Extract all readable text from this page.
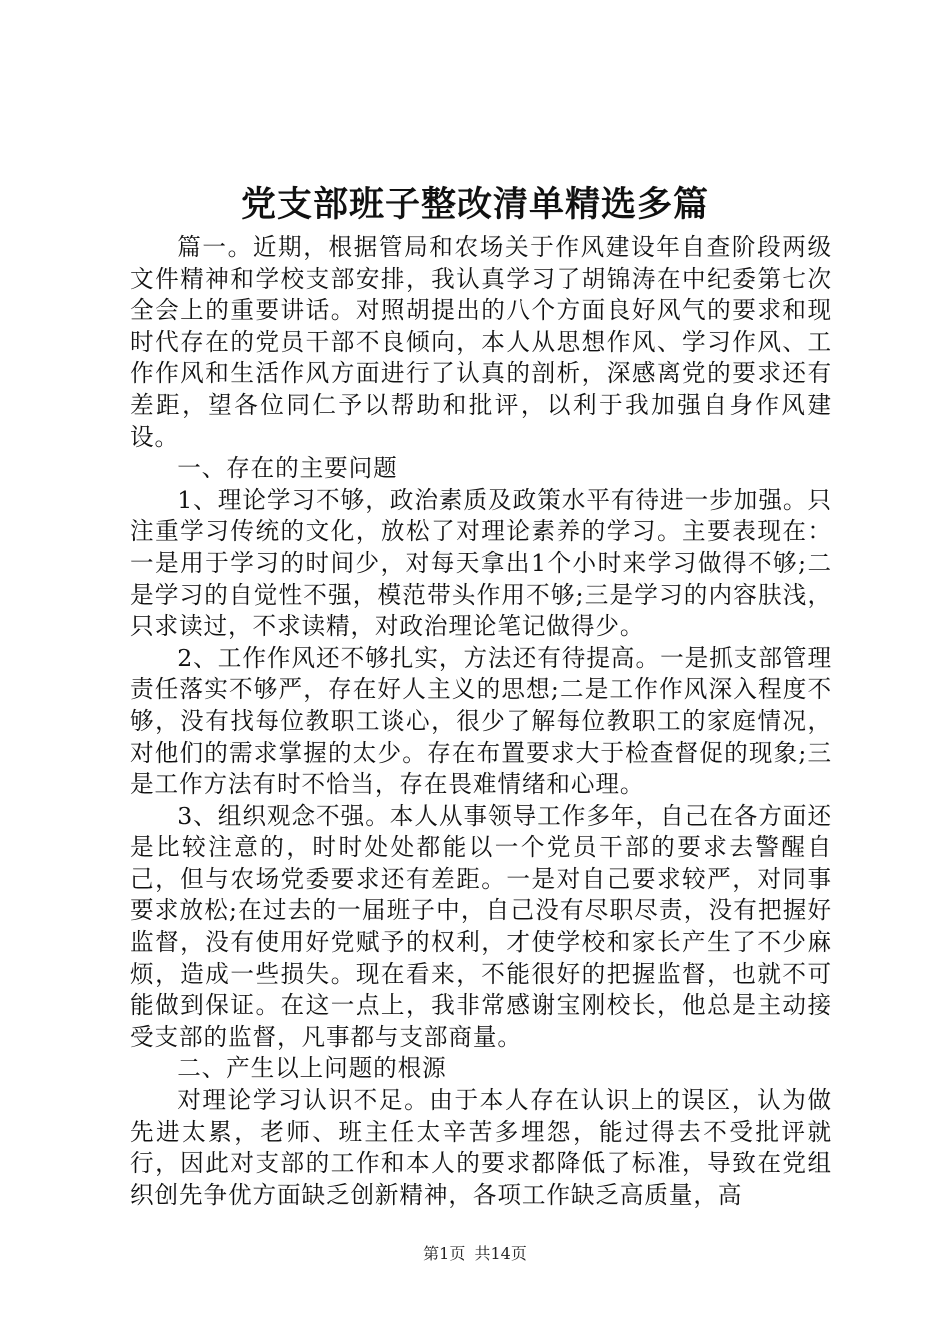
党支部班子整改清单精选多篇

篇一。近期，根据管局和农场关于作风建设年自查阶段两级文件精神和学校支部安排，我认真学习了胡锦涛在中纪委第七次全会上的重要讲话。对照胡提出的八个方面良好风气的要求和现时代存在的党员干部不良倾向，本人从思想作风、学习作风、工作作风和生活作风方面进行了认真的剖析，深感离党的要求还有差距，望各位同仁予以帮助和批评，以利于我加强自身作风建设。

一、存在的主要问题

1、理论学习不够，政治素质及政策水平有待进一步加强。只注重学习传统的文化，放松了对理论素养的学习。主要表现在：一是用于学习的时间少，对每天拿出1个小时来学习做得不够;二是学习的自觉性不强，模范带头作用不够;三是学习的内容肤浅，只求读过，不求读精，对政治理论笔记做得少。

2、工作作风还不够扎实，方法还有待提高。一是抓支部管理责任落实不够严，存在好人主义的思想;二是工作作风深入程度不够，没有找每位教职工谈心，很少了解每位教职工的家庭情况，对他们的需求掌握的太少。存在布置要求大于检查督促的现象;三是工作方法有时不恰当，存在畏难情绪和心理。

3、组织观念不强。本人从事领导工作多年，自己在各方面还是比较注意的，时时处处都能以一个党员干部的要求去警醒自己，但与农场党委要求还有差距。一是对自己要求较严，对同事要求放松;在过去的一届班子中，自己没有尽职尽责，没有把握好监督，没有使用好党赋予的权利，才使学校和家长产生了不少麻烦，造成一些损失。现在看来，不能很好的把握监督，也就不可能做到保证。在这一点上，我非常感谢宝刚校长，他总是主动接受支部的监督，凡事都与支部商量。

二、产生以上问题的根源

对理论学习认识不足。由于本人存在认识上的误区，认为做先进太累，老师、班主任太辛苦多埋怨，能过得去不受批评就行，因此对支部的工作和本人的要求都降低了标准，导致在党组织创先争优方面缺乏创新精神，各项工作缺乏高质量，高

第1页 共14页
